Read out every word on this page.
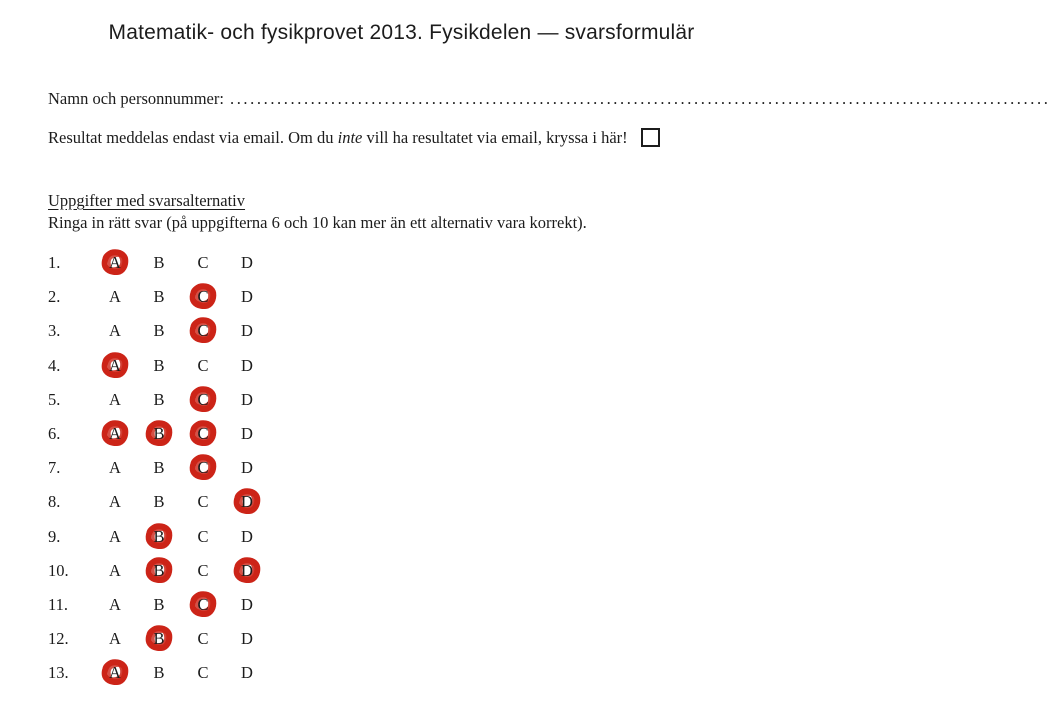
Matematik- och fysikprovet 2013. Fysikdelen — svarsformulär
Namn och personnummer: ..........................................................................................................................
Resultat meddelas endast via email. Om du inte vill ha resultatet via email, kryssa i här!
Uppgifter med svarsalternativ
Ringa in rätt svar (på uppgifterna 6 och 10 kan mer än ett alternativ vara korrekt).
1.	A	B	C	D
2.	A	B	C	D
3.	A	B	C	D
4.	A	B	C	D
5.	A	B	C	D
6.	A	B	C	D
7.	A	B	C	D
8.	A	B	C	D
9.	A	B	C	D
10.	A	B	C	D
11.	A	B	C	D
12.	A	B	C	D
13.	A	B	C	D
